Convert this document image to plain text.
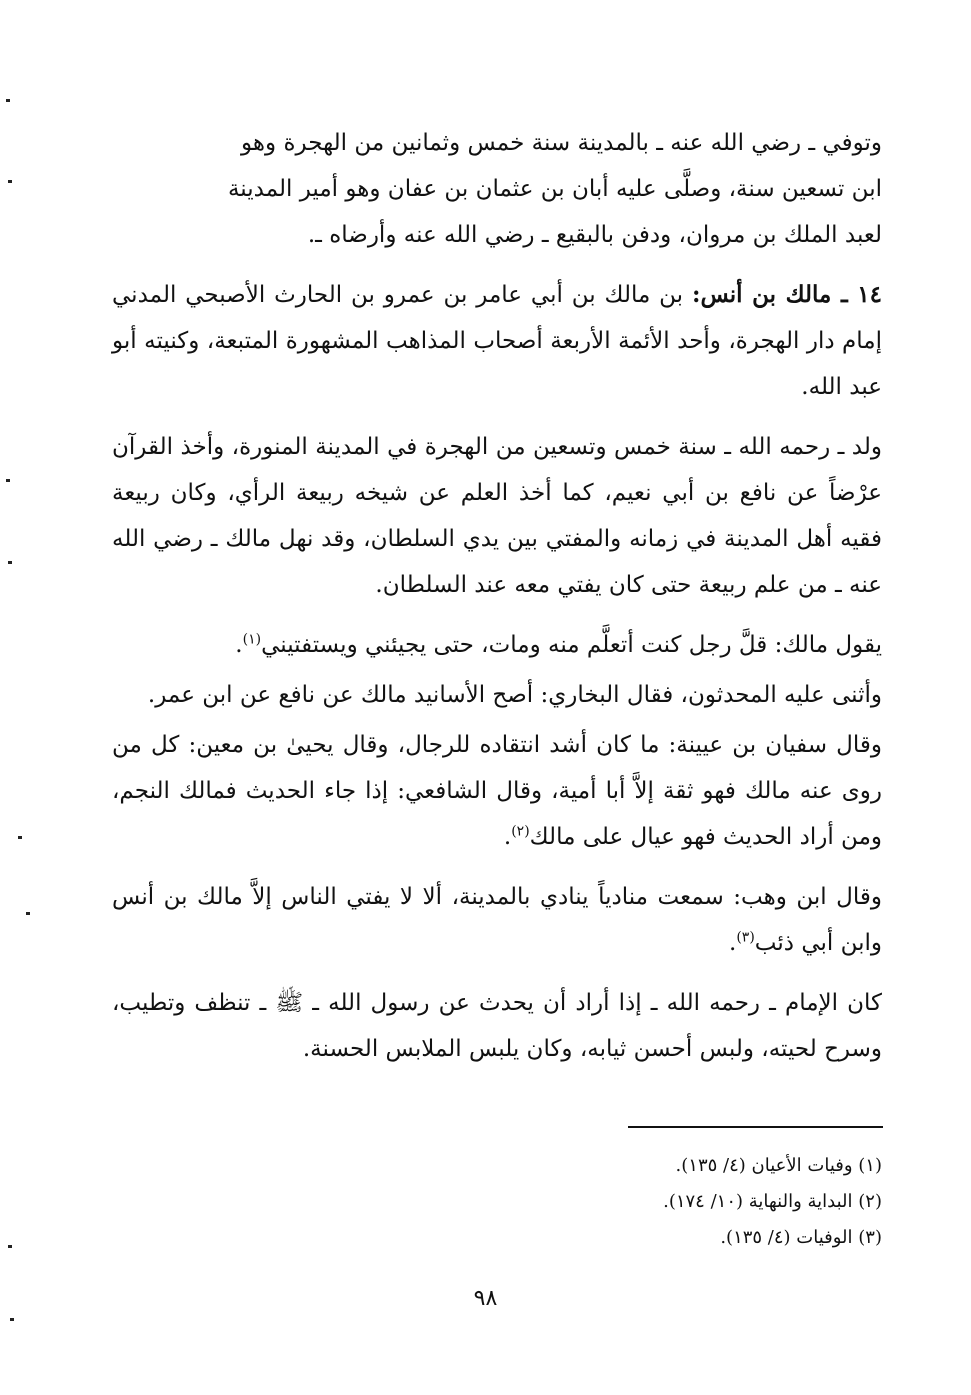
وتوفي ـ رضي الله عنه ـ بالمدينة سنة خمس وثمانين من الهجرة وهو
ابن تسعين سنة، وصلَّى عليه أبان بن عثمان بن عفان وهو أمير المدينة
لعبد الملك بن مروان، ودفن بالبقيع ـ رضي الله عنه وأرضاه ـ.

١٤ ـ مالك بن أنس: بن مالك بن أبي عامر بن عمرو بن الحارث الأصبحي المدني إمام دار الهجرة، وأحد الأئمة الأربعة أصحاب المذاهب المشهورة المتبعة، وكنيته أبو عبد الله.

ولد ـ رحمه الله ـ سنة خمس وتسعين من الهجرة في المدينة المنورة، وأخذ القرآن عرْضاً عن نافع بن أبي نعيم، كما أخذ العلم عن شيخه ربيعة الرأي، وكان ربيعة فقيه أهل المدينة في زمانه والمفتي بين يدي السلطان، وقد نهل مالك ـ رضي الله عنه ـ من علم ربيعة حتى كان يفتي معه عند السلطان.

يقول مالك: قلَّ رجل كنت أتعلَّم منه ومات، حتى يجيئني ويستفتيني$^{(١)}$.

وأثنى عليه المحدثون، فقال البخاري: أصح الأسانيد مالك عن نافع عن ابن عمر.

وقال سفيان بن عيينة: ما كان أشد انتقاده للرجال، وقال يحيىٰ بن معين: كل من روى عنه مالك فهو ثقة إلاَّ أبا أمية، وقال الشافعي: إذا جاء الحديث فمالك النجم، ومن أراد الحديث فهو عيال على مالك$^{(٢)}$.

وقال ابن وهب: سمعت منادياً ينادي بالمدينة، ألا لا يفتي الناس إلاَّ مالك بن أنس وابن أبي ذئب$^{(٣)}$.

كان الإمام ـ رحمه الله ـ إذا أراد أن يحدث عن رسول الله ـ ﷺ ـ تنظف وتطيب، وسرح لحيته، ولبس أحسن ثيابه، وكان يلبس الملابس الحسنة.

(١) وفيات الأعيان (٤/ ١٣٥).

(٢) البداية والنهاية (١٠/ ١٧٤).

(٣) الوفيات (٤/ ١٣٥).

٩٨
